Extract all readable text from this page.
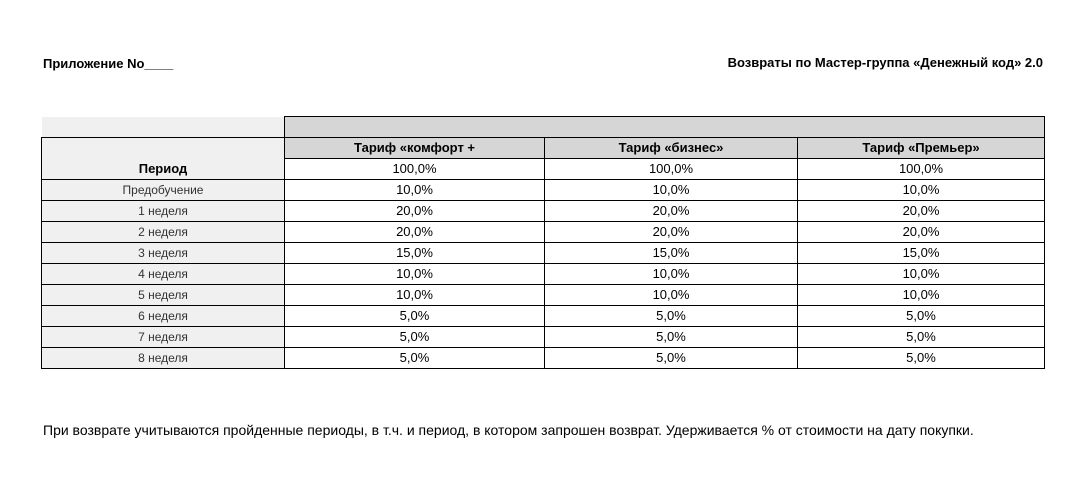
Приложение No____	Возвраты по Мастер-группа «Денежный код» 2.0

	Тариф «комфорт +	Тариф «бизнес»	Тариф «Премьер»
Период	100,0%	100,0%	100,0%
Предобучение	10,0%	10,0%	10,0%
1 неделя	20,0%	20,0%	20,0%
2 неделя	20,0%	20,0%	20,0%
3 неделя	15,0%	15,0%	15,0%
4 неделя	10,0%	10,0%	10,0%
5 неделя	10,0%	10,0%	10,0%
6 неделя	5,0%	5,0%	5,0%
7 неделя	5,0%	5,0%	5,0%
8 неделя	5,0%	5,0%	5,0%
При возврате учитываются пройденные периоды, в т.ч. и период, в котором запрошен возврат. Удерживается % от стоимости на дату покупки.
